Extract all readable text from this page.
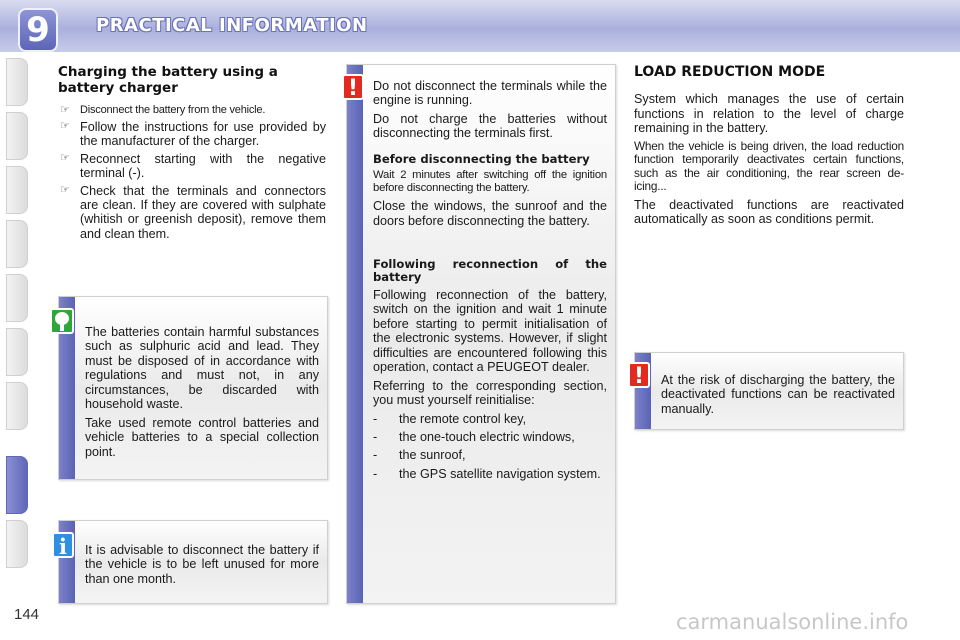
9	PRACTICAL INFORMATION
Charging the battery using a
battery charger
☞ Disconnect the battery from the vehicle.
☞ Follow the instructions for use provided by the manufacturer of the charger.
☞ Reconnect starting with the negative terminal (-).
☞ Check that the terminals and connectors are clean. If they are covered with sulphate (whitish or greenish deposit), remove them and clean them.

The batteries contain harmful substances such as sulphuric acid and lead. They must be disposed of in accordance with regulations and must not, in any circumstances, be discarded with household waste.

Take used remote control batteries and vehicle batteries to a special collection point.

It is advisable to disconnect the battery if the vehicle is to be left unused for more than one month.
i

Do not disconnect the terminals while the engine is running.

Do not charge the batteries without disconnecting the terminals first.

Before disconnecting the battery

Wait 2 minutes after switching off the ignition before disconnecting the battery.

Close the windows, the sunroof and the doors before disconnecting the battery.

Following reconnection of the battery

Following reconnection of the battery, switch on the ignition and wait 1 minute before starting to permit initialisation of the electronic systems. However, if slight difficulties are encountered following this operation, contact a PEUGEOT dealer.

Referring to the corresponding section, you must yourself reinitialise:

- the remote control key,
- the one-touch electric windows,
- the sunroof,
- the GPS satellite navigation system.
!
LOAD REDUCTION MODE

System which manages the use of certain functions in relation to the level of charge remaining in the battery.

When the vehicle is being driven, the load reduction function temporarily deactivates certain functions, such as the air conditioning, the rear screen de-icing...

The deactivated functions are reactivated automatically as soon as conditions permit.

At the risk of discharging the battery, the deactivated functions can be reactivated manually.
!
144	carmanualsonline.info
